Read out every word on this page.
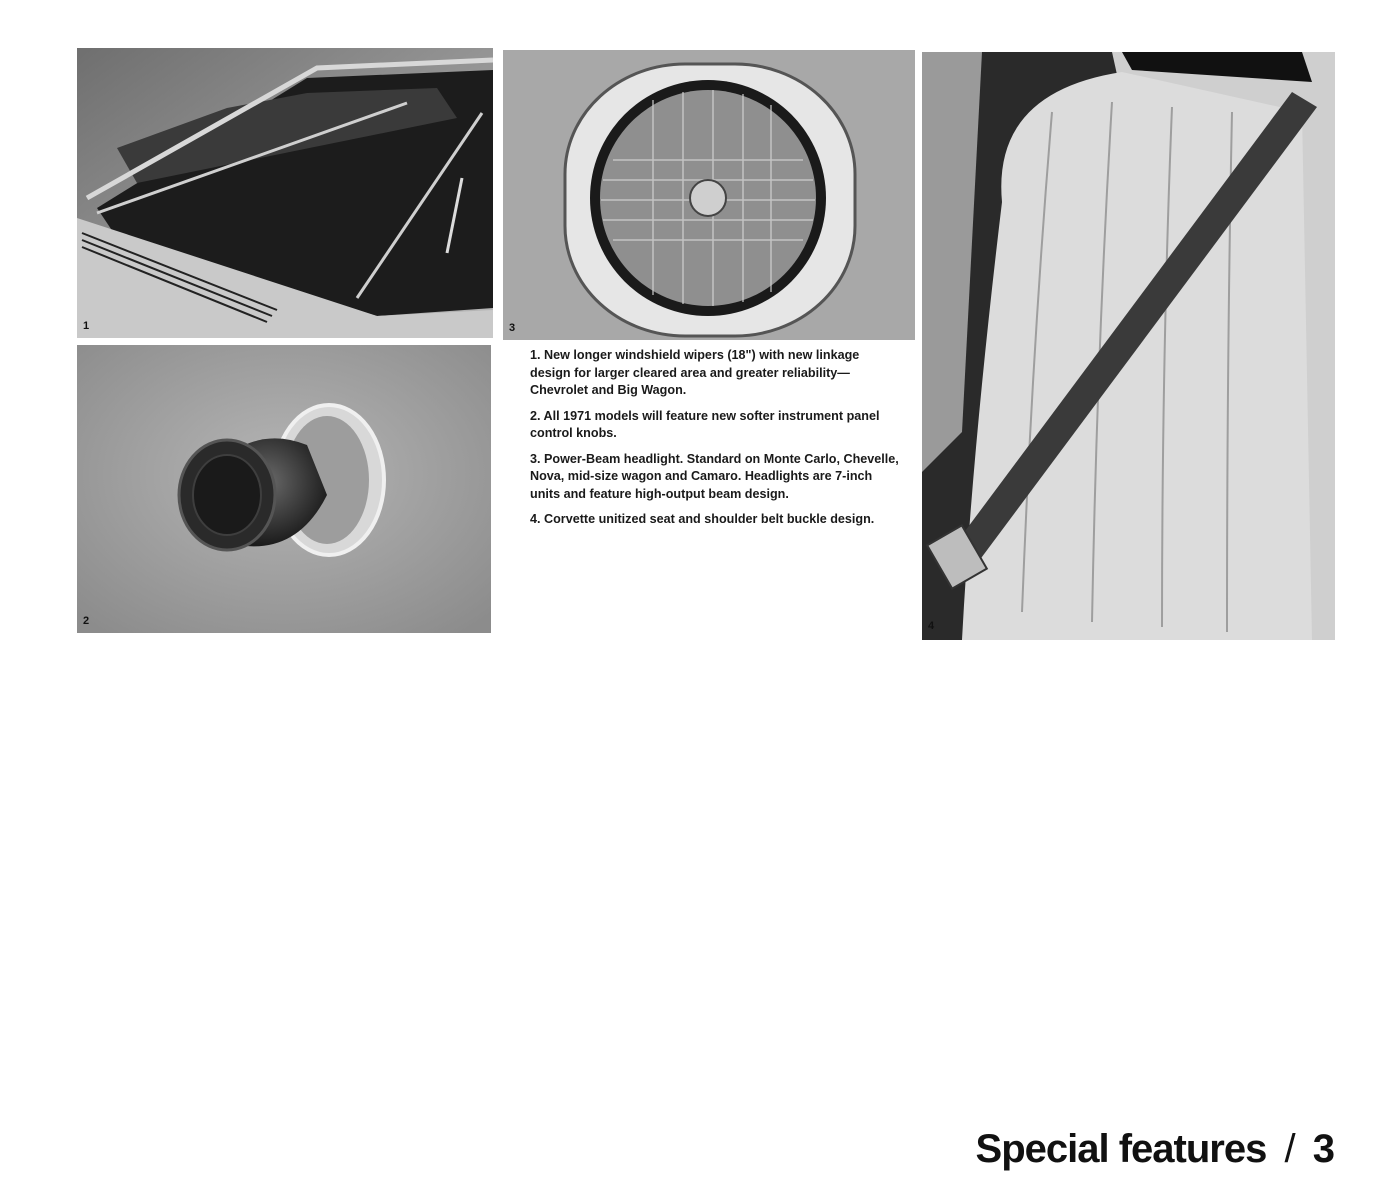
1
2
3
4

1. New longer windshield wipers (18") with new linkage design for larger cleared area and greater reliability—Chevrolet and Big Wagon.

2. All 1971 models will feature new softer instrument panel control knobs.

3. Power-Beam headlight. Standard on Monte Carlo, Chevelle, Nova, mid-size wagon and Camaro. Headlights are 7-inch units and feature high-output beam design.

4. Corvette unitized seat and shoulder belt buckle design.

Special features / 3
